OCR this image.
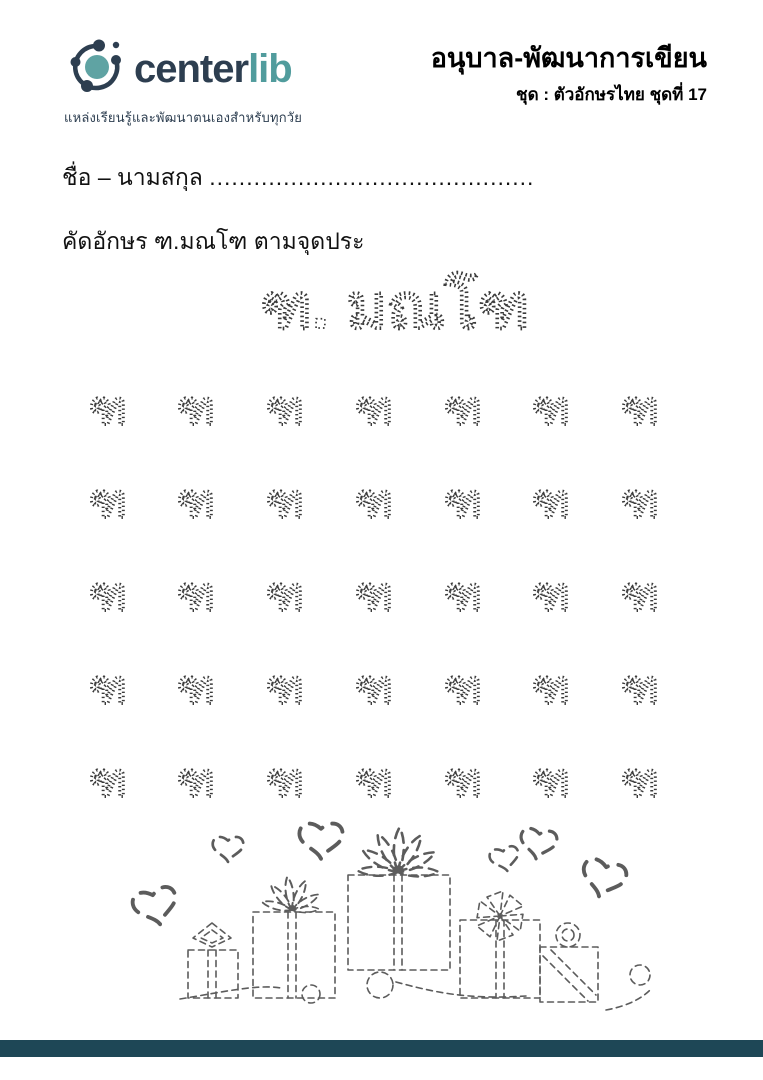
centerlib
แหล่งเรียนรู้และพัฒนาตนเองสำหรับทุกวัย
อนุบาล-พัฒนาการเขียน
ชุด : ตัวอักษรไทย ชุดที่ 17
ชื่อ – นามสกุล ............................................
คัดอักษร ฑ.มณโฑ ตามจุดประ
ฑ. มณโฑ
ฑ ฑ ฑ ฑ ฑ ฑ ฑ
ฑ ฑ ฑ ฑ ฑ ฑ ฑ
ฑ ฑ ฑ ฑ ฑ ฑ ฑ
ฑ ฑ ฑ ฑ ฑ ฑ ฑ
ฑ ฑ ฑ ฑ ฑ ฑ ฑ
